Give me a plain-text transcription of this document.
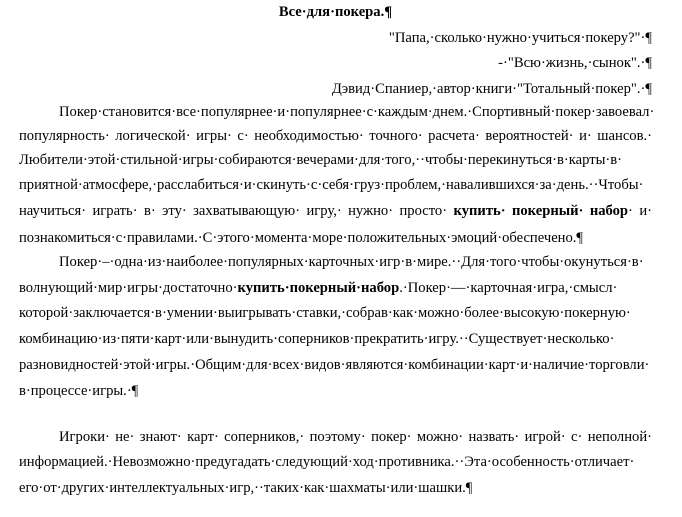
Все·для·покера.¶
"Папа,·сколько·нужно·учиться·покеру?"·¶
-·"Всю·жизнь,·сынок".·¶
Дэвид·Спаниер,·автор·книги·"Тотальный·покер".·¶
Покер·становится·все·популярнее·и·популярнее·с·каждым·днем.·Спортивный·покер·завоевал·
популярность· логической· игры· с· необходимостью· точного· расчета· вероятностей· и· шансов.·
Любители·этой·стильной·игры·собираются·вечерами·для·того,··чтобы·перекинуться·в·карты·в·
приятной·атмосфере,·расслабиться·и·скинуть·с·себя·груз·проблем,·навалившихся·за·день.··Чтобы·
научиться· играть· в· эту· захватывающую· игру,· нужно· просто· купить· покерный· набор· и·
познакомиться·с·правилами.·С·этого·момента·море·положительных·эмоций·обеспечено.¶
Покер·–·одна·из·наиболее·популярных·карточных·игр·в·мире.··Для·того·чтобы·окунуться·в·
волнующий·мир·игры·достаточно·купить·покерный·набор.·Покер·—·карточная·игра,·смысл·
которой·заключается·в·умении·выигрывать·ставки,·собрав·как·можно·более·высокую·покерную·
комбинацию·из·пяти·карт·или·вынудить·соперников·прекратить·игру.··Существует·несколько·
разновидностей·этой·игры.·Общим·для·всех·видов·являются·комбинации·карт·и·наличие·торговли·
в·процессе·игры.·¶
Игроки· не· знают· карт· соперников,· поэтому· покер· можно· назвать· игрой· с· неполной·
информацией.·Невозможно·предугадать·следующий·ход·противника.··Эта·особенность·отличает·
его·от·других·интеллектуальных·игр,··таких·как·шахматы·или·шашки.¶
